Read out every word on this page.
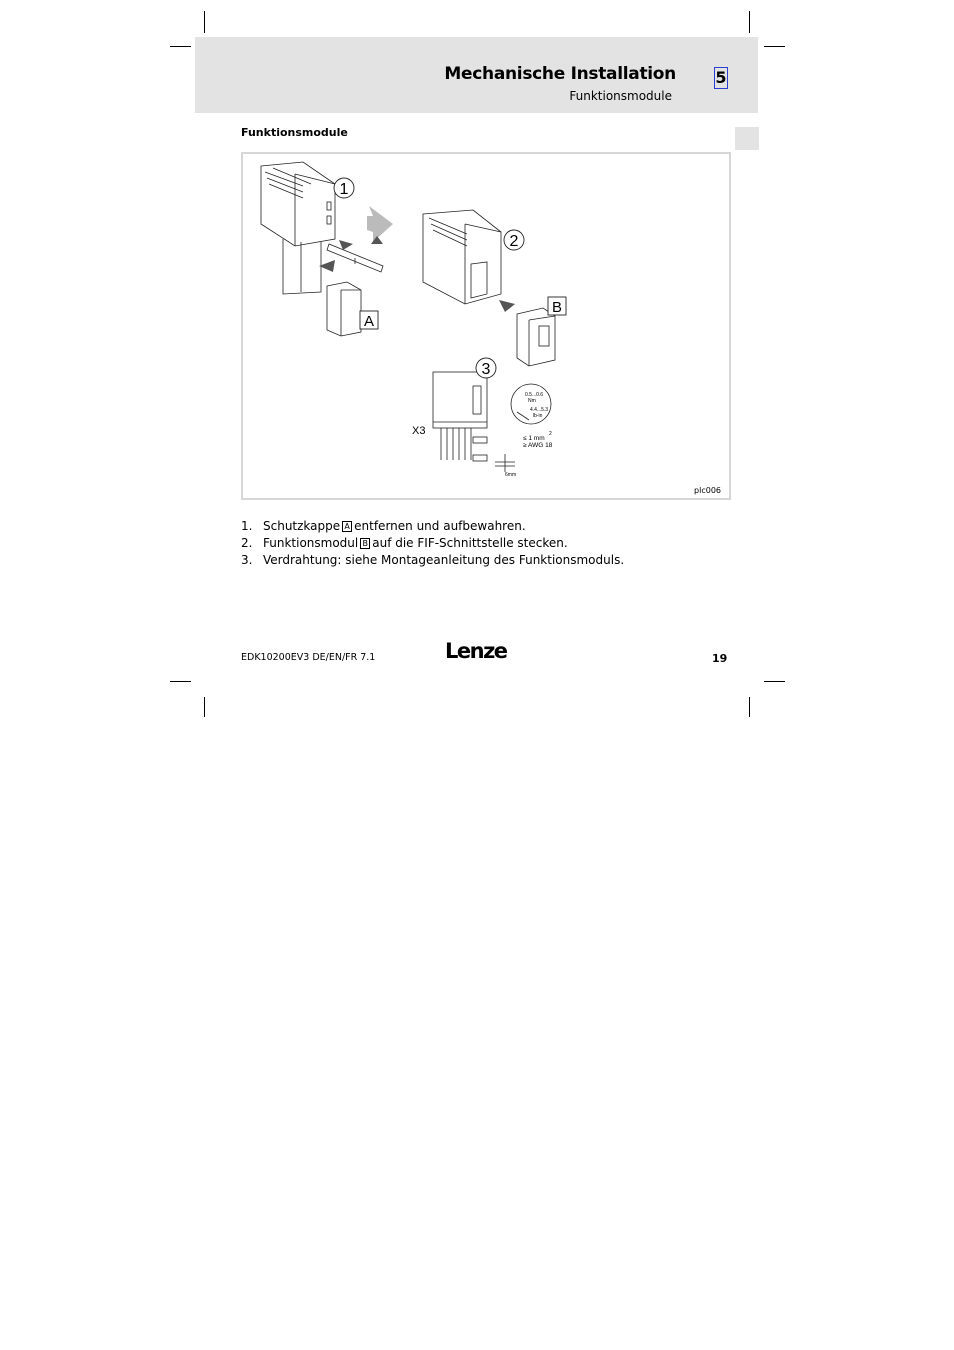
Mechanische Installation
Funktionsmodule
5
Funktionsmodule
1
2
3
A
B
X3
0.5...0.6
Nm
4.4...5.3
lb-in
≤ 1 mm
2
≥ AWG 18
6mm
plc006
1. Schutzkappe A entfernen und aufbewahren.
2. Funktionsmodul B auf die FIF-Schnittstelle stecken.
3. Verdrahtung: siehe Montageanleitung des Funktionsmoduls.
EDK10200EV3 DE/EN/FR 7.1	Lenze	19
